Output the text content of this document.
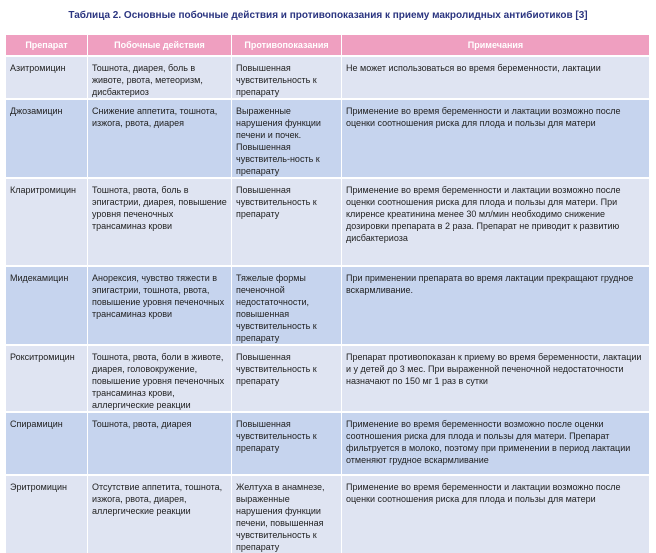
Таблица 2. Основные побочные действия и противопоказания к приему макролидных антибиотиков [3]
Препарат	Побочные действия	Противопоказания	Примечания
Азитромицин	Тошнота, диарея, боль в животе, рвота, метеоризм, дисбактериоз	Повышенная чувствительность к препарату	Не может использоваться во время беременности, лактации
Джозамицин	Снижение аппетита, тошнота, изжога, рвота, диарея	Выраженные нарушения функции печени и почек. Повышенная чувствитель-ность к препарату	Применение во время беременности и лактации возможно после оценки соотношения риска для плода и пользы для матери
Кларитромицин	Тошнота, рвота, боль в эпигастрии, диарея, повышение уровня печеночных трансаминаз крови	Повышенная чувствительность к препарату	Применение во время беременности и лактации возможно после оценки соотношения риска для плода и пользы для матери. При клиренсе креатинина менее 30 мл/мин необходимо снижение дозировки препарата в 2 раза. Препарат не приводит к развитию дисбактериоза
Мидекамицин	Анорексия, чувство тяжести в эпигастрии, тошнота, рвота, повышение уровня печеночных трансаминаз крови	Тяжелые формы печеночной недостаточности, повышенная чувствительность к препарату	При применении препарата во время лактации прекращают грудное вскармливание.
Рокситромицин	Тошнота, рвота, боли в животе, диарея, головокружение, повышение уровня печеночных трансаминаз крови, аллергические реакции	Повышенная чувствительность к препарату	Препарат противопоказан к приему во время беременности, лактации и у детей до 3 мес. При выраженной печеночной недостаточности назначают по 150 мг 1 раз в сутки
Спирамицин	Тошнота, рвота, диарея	Повышенная чувствительность к препарату	Применение во время беременности возможно после оценки соотношения риска для плода и пользы для матери. Препарат фильтруется в молоко, поэтому при применении в период лактации отменяют грудное вскармливание
Эритромицин	Отсутствие аппетита, тошнота, изжога, рвота, диарея, аллергические реакции	Желтуха в анамнезе, выраженные нарушения функции печени, повышенная чувствительность к препарату	Применение во время беременности и лактации возможно после оценки соотношения риска для плода и пользы для матери
